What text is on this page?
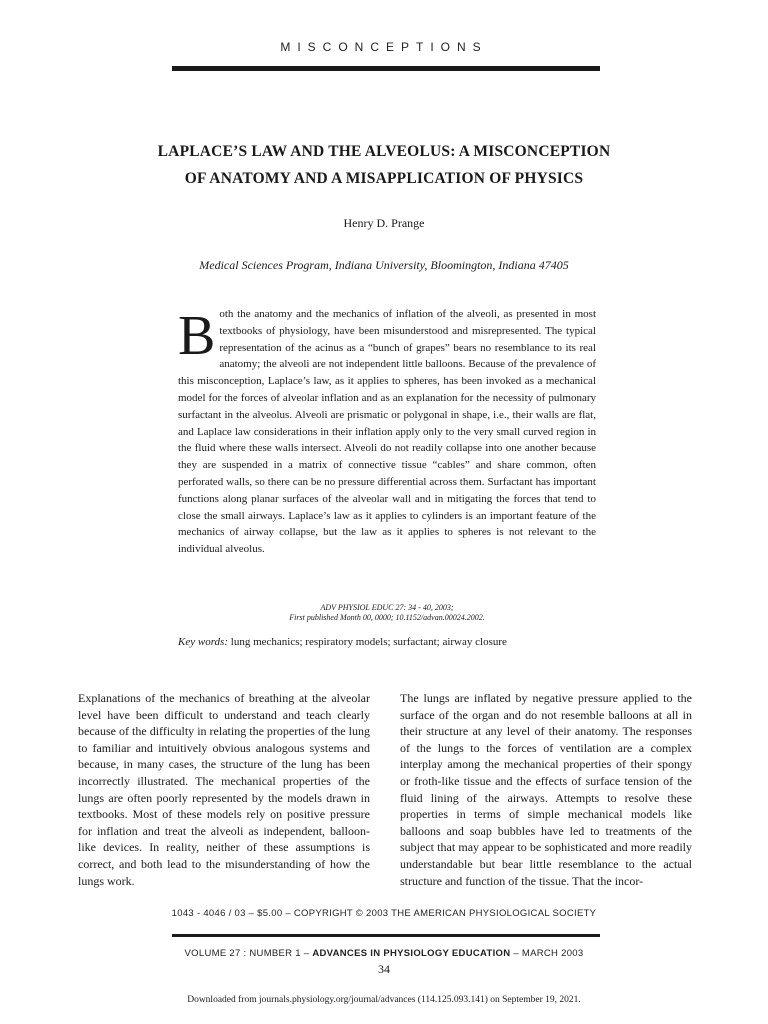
MISCONCEPTIONS
LAPLACE’S LAW AND THE ALVEOLUS: A MISCONCEPTION
OF ANATOMY AND A MISAPPLICATION OF PHYSICS
Henry D. Prange
Medical Sciences Program, Indiana University, Bloomington, Indiana 47405
Both the anatomy and the mechanics of inflation of the alveoli, as presented in most textbooks of physiology, have been misunderstood and misrepresented. The typical representation of the acinus as a “bunch of grapes” bears no resemblance to its real anatomy; the alveoli are not independent little balloons. Because of the prevalence of this misconception, Laplace’s law, as it applies to spheres, has been invoked as a mechanical model for the forces of alveolar inflation and as an explanation for the necessity of pulmonary surfactant in the alveolus. Alveoli are prismatic or polygonal in shape, i.e., their walls are flat, and Laplace law considerations in their inflation apply only to the very small curved region in the fluid where these walls intersect. Alveoli do not readily collapse into one another because they are suspended in a matrix of connective tissue “cables” and share common, often perforated walls, so there can be no pressure differential across them. Surfactant has important functions along planar surfaces of the alveolar wall and in mitigating the forces that tend to close the small airways. Laplace’s law as it applies to cylinders is an important feature of the mechanics of airway collapse, but the law as it applies to spheres is not relevant to the individual alveolus.
ADV PHYSIOL EDUC 27: 34 - 40, 2003;
First published Month 00, 0000; 10.1152/advan.00024.2002.
Key words: lung mechanics; respiratory models; surfactant; airway closure
Explanations of the mechanics of breathing at the alveolar level have been difficult to understand and teach clearly because of the difficulty in relating the properties of the lung to familiar and intuitively obvious analogous systems and because, in many cases, the structure of the lung has been incorrectly illustrated. The mechanical properties of the lungs are often poorly represented by the models drawn in textbooks. Most of these models rely on positive pressure for inflation and treat the alveoli as independent, balloon-like devices. In reality, neither of these assumptions is correct, and both lead to the misunderstanding of how the lungs work.
The lungs are inflated by negative pressure applied to the surface of the organ and do not resemble balloons at all in their structure at any level of their anatomy. The responses of the lungs to the forces of ventilation are a complex interplay among the mechanical properties of their spongy or froth-like tissue and the effects of surface tension of the fluid lining of the airways. Attempts to resolve these properties in terms of simple mechanical models like balloons and soap bubbles have led to treatments of the subject that may appear to be sophisticated and more readily understandable but bear little resemblance to the actual structure and function of the tissue. That the incor-
1043 - 4046 / 03 – $5.00 – COPYRIGHT © 2003 THE AMERICAN PHYSIOLOGICAL SOCIETY
VOLUME 27 : NUMBER 1 – ADVANCES IN PHYSIOLOGY EDUCATION – MARCH 2003
34
Downloaded from journals.physiology.org/journal/advances (114.125.093.141) on September 19, 2021.
